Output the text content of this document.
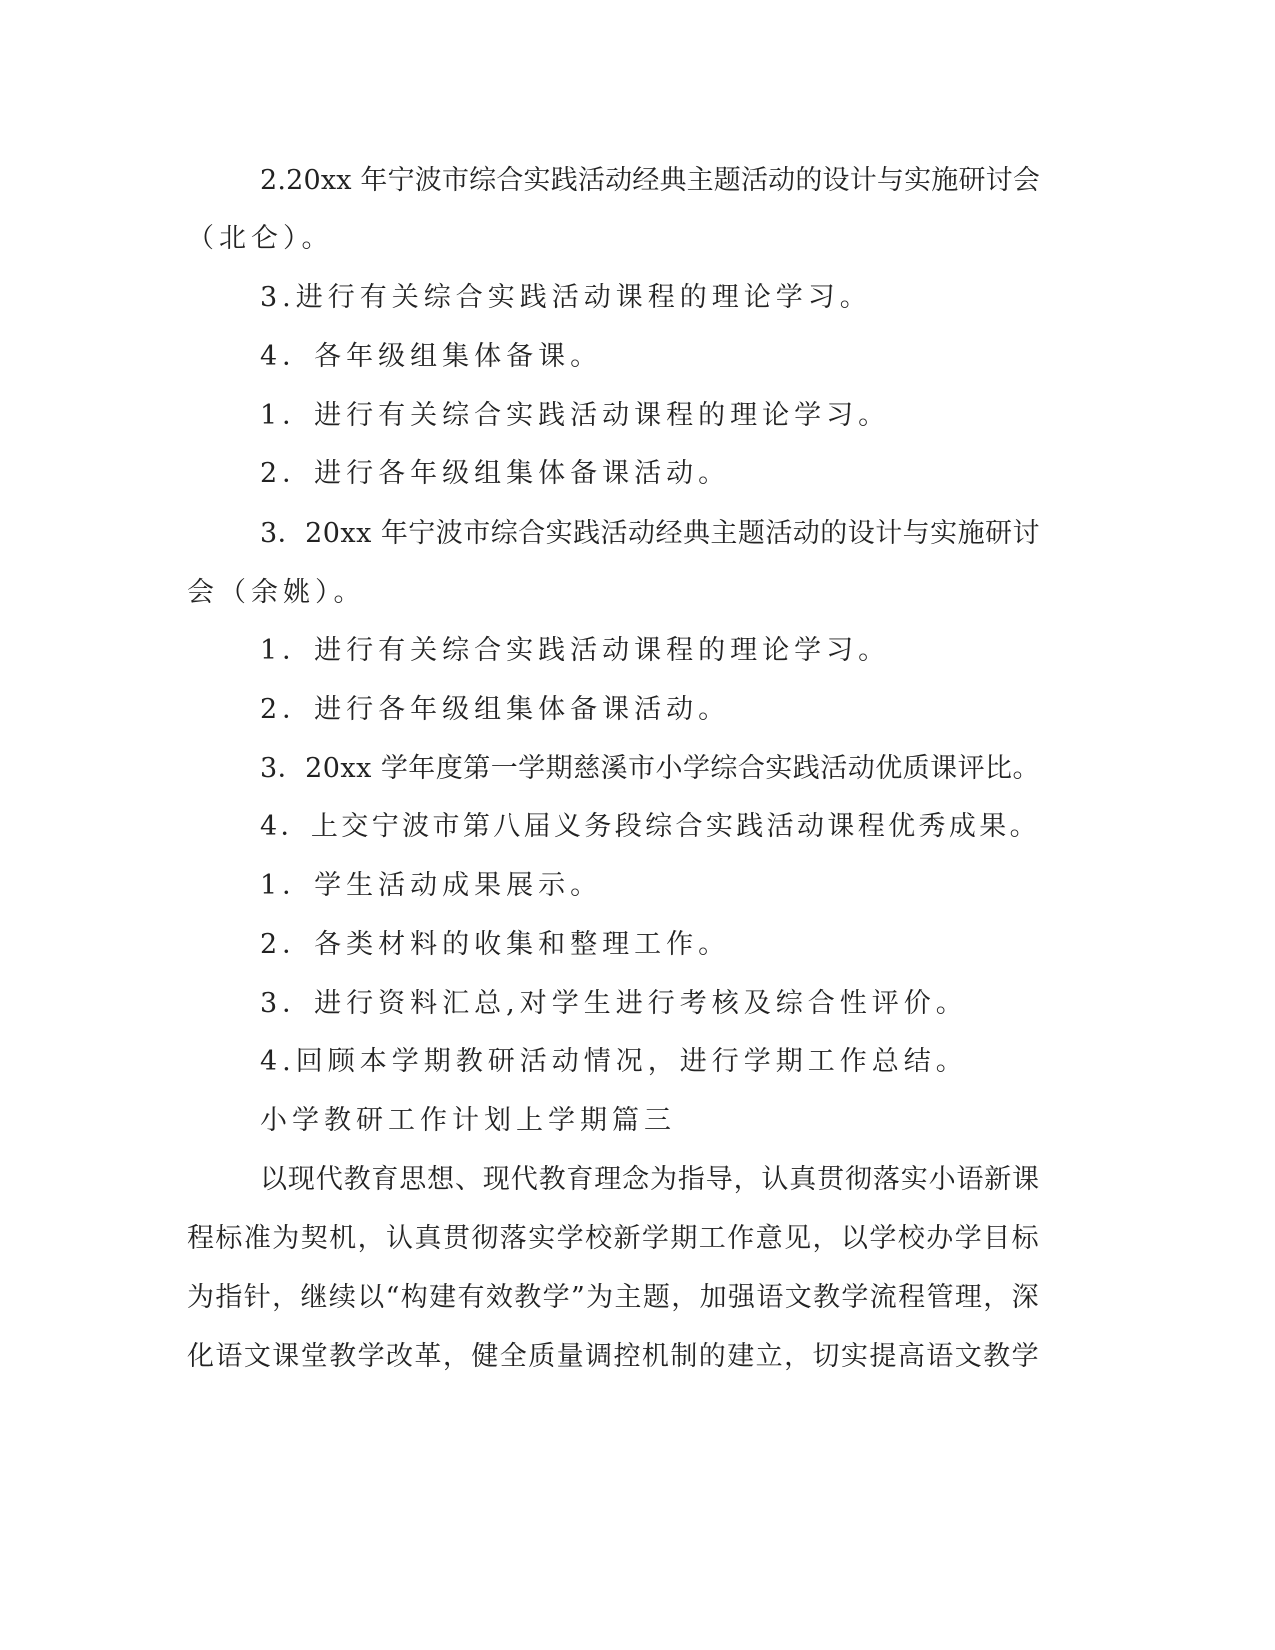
2.20xx 年宁波市综合实践活动经典主题活动的设计与实施研讨会
（北仑）。
3.进行有关综合实践活动课程的理论学习。
4．各年级组集体备课。
1．进行有关综合实践活动课程的理论学习。
2．进行各年级组集体备课活动。
3．20xx 年宁波市综合实践活动经典主题活动的设计与实施研讨
会（余姚）。
1．进行有关综合实践活动课程的理论学习。
2．进行各年级组集体备课活动。
3．20xx 学年度第一学期慈溪市小学综合实践活动优质课评比。
4．上交宁波市第八届义务段综合实践活动课程优秀成果。
1．学生活动成果展示。
2．各类材料的收集和整理工作。
3．进行资料汇总,对学生进行考核及综合性评价。
4.回顾本学期教研活动情况，进行学期工作总结。
小学教研工作计划上学期篇三
以现代教育思想、现代教育理念为指导，认真贯彻落实小语新课
程标准为契机，认真贯彻落实学校新学期工作意见，以学校办学目标
为指针，继续以“构建有效教学”为主题，加强语文教学流程管理，深
化语文课堂教学改革，健全质量调控机制的建立，切实提高语文教学
